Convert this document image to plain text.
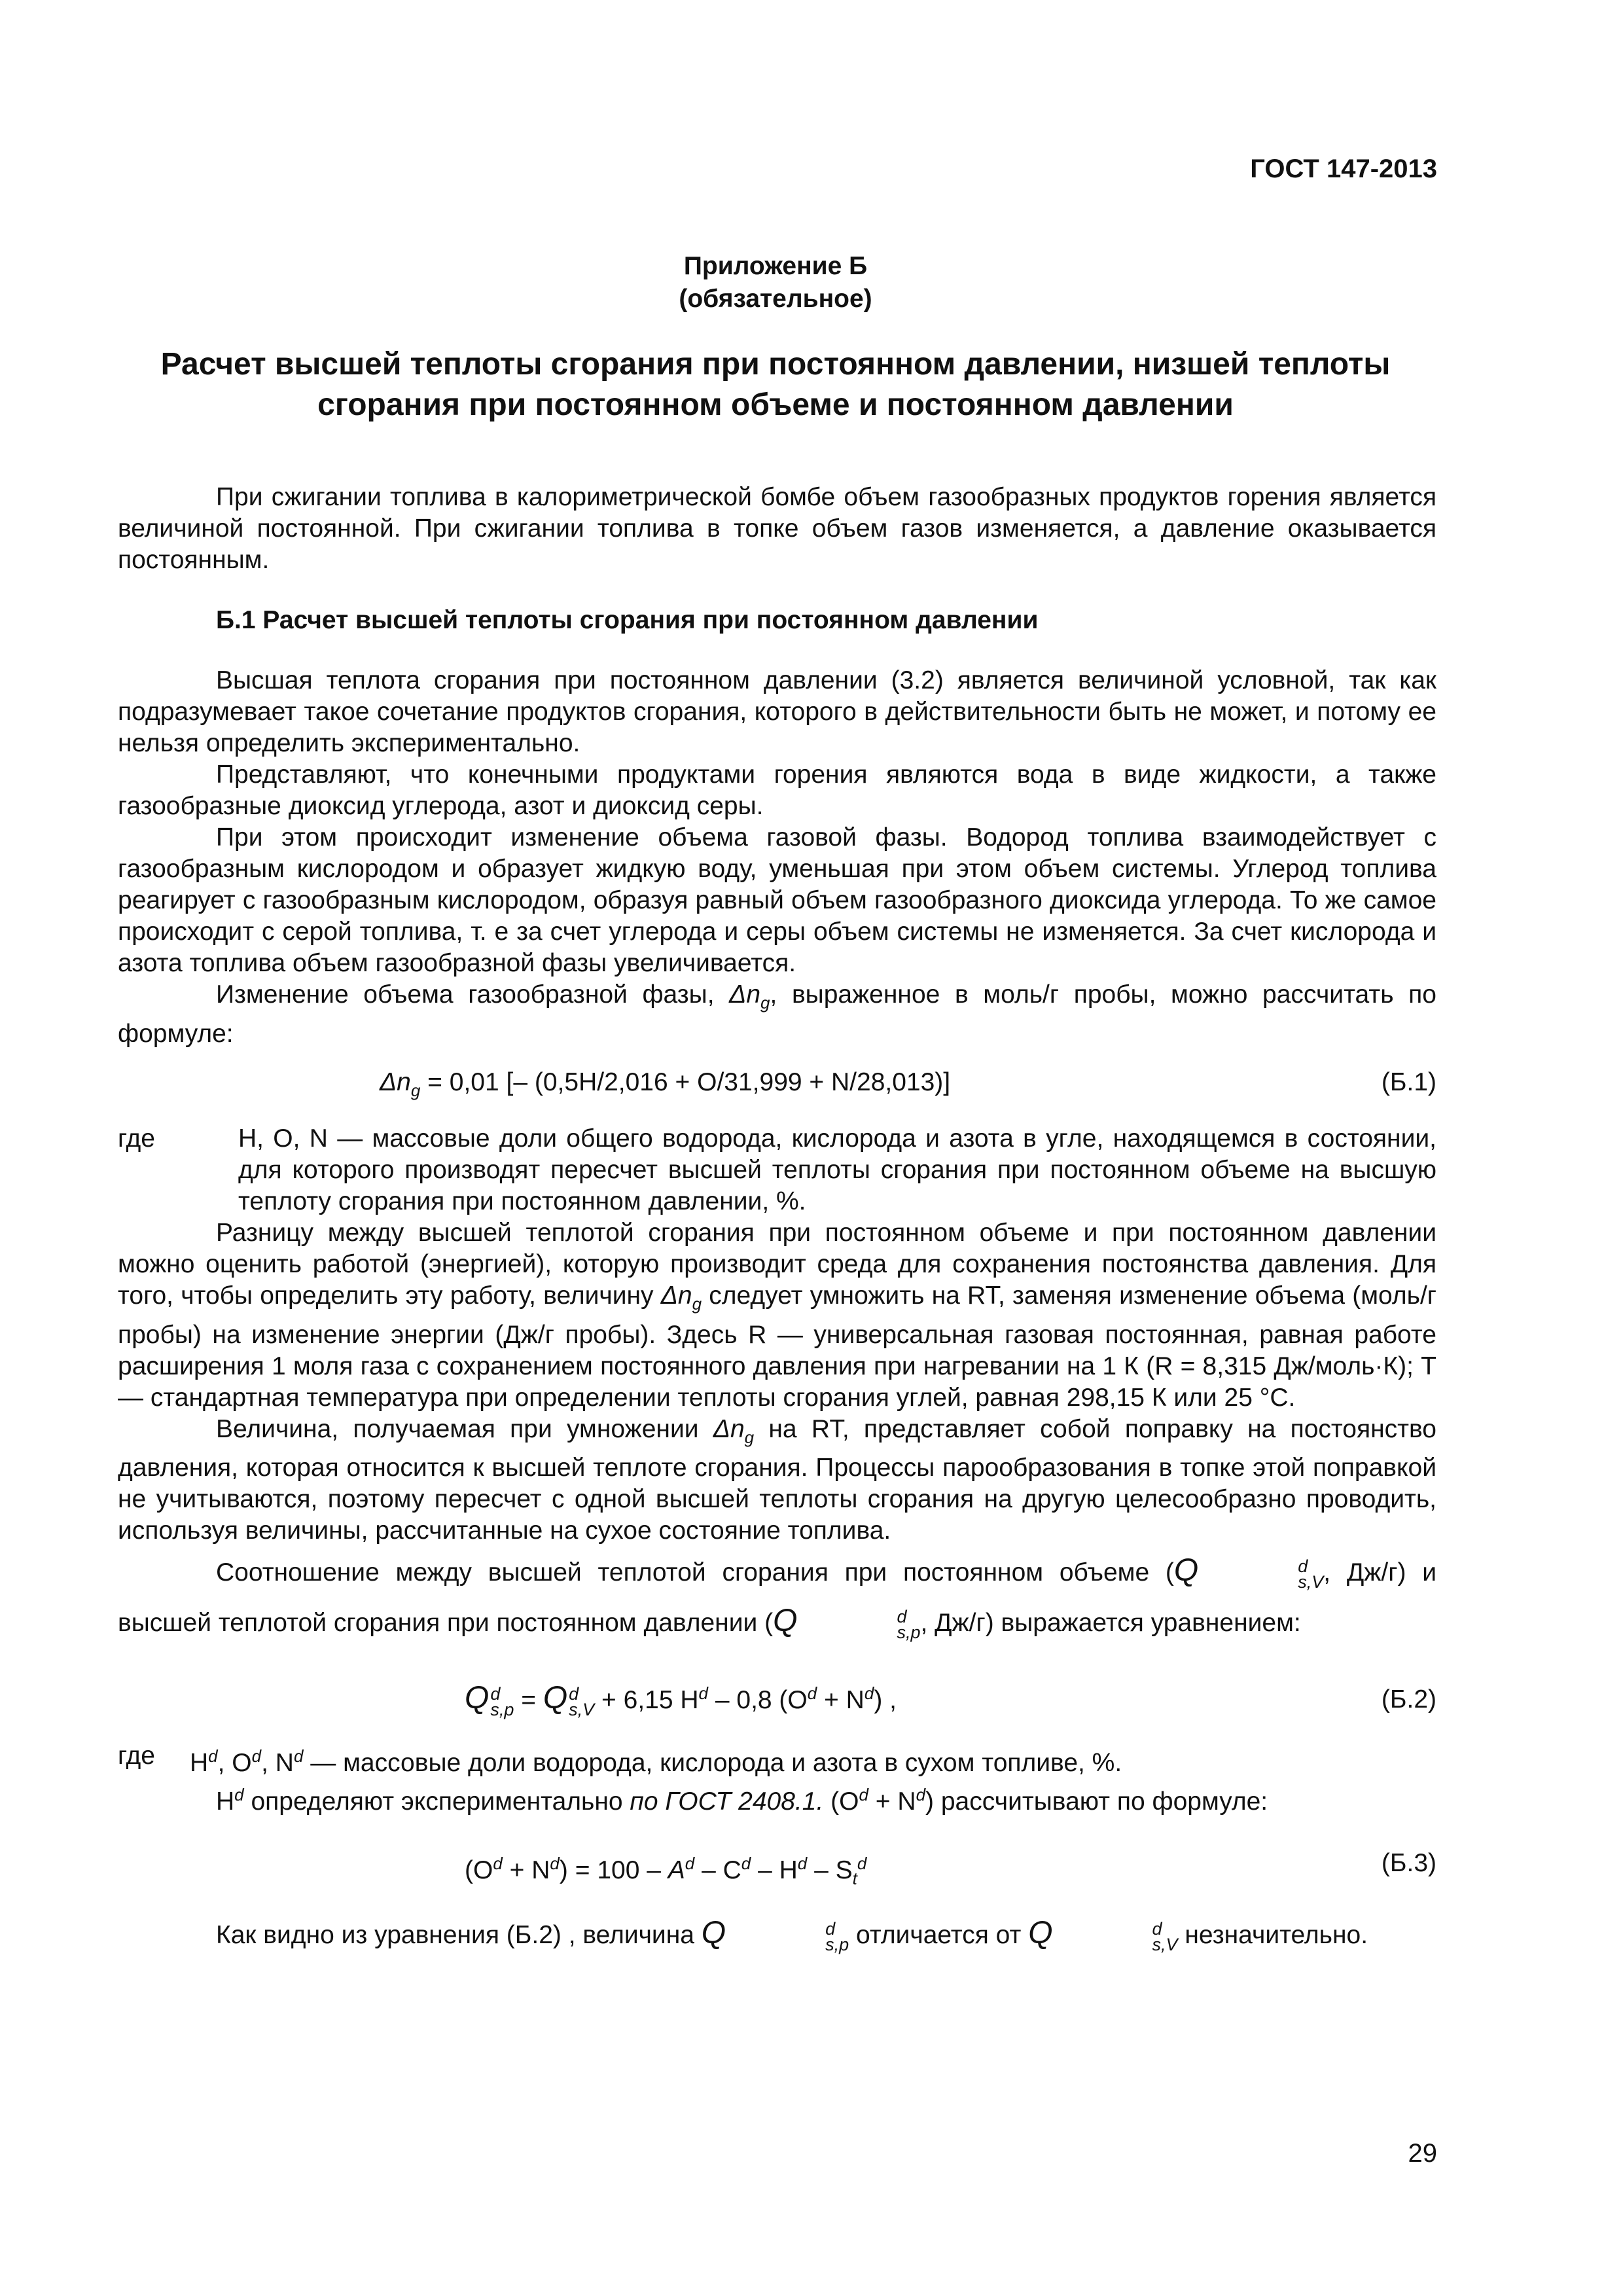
ГОСТ 147-2013
Приложение Б
(обязательное)
Расчет высшей теплоты сгорания при постоянном давлении, низшей теплоты
сгорания при постоянном объеме и постоянном давлении

При сжигании топлива в калориметрической бомбе объем газообразных продуктов горения является величиной постоянной. При сжигании топлива в топке объем газов изменяется, а давление оказывается постоянным.

Б.1 Расчет высшей теплоты сгорания при постоянном давлении

Высшая теплота сгорания при постоянном давлении (3.2) является величиной условной, так как подразумевает такое сочетание продуктов сгорания, которого в действительности быть не может, и потому ее нельзя определить экспериментально.

Представляют, что конечными продуктами горения являются вода в виде жидкости, а также газообразные диоксид углерода, азот и диоксид серы.

При этом происходит изменение объема газовой фазы. Водород топлива взаимодействует с газообразным кислородом и образует жидкую воду, уменьшая при этом объем системы. Углерод топлива реагирует с газообразным кислородом, образуя равный объем газообразного диоксида углерода. То же самое происходит с серой топлива, т. е за счет углерода и серы объем системы не изменяется. За счет кислорода и азота топлива объем газообразной фазы увеличивается.

Изменение объема газообразной фазы, $\Delta n_g$, выраженное в моль/г пробы, можно рассчитать по формуле:

$\Delta n_g = 0,01$ [– (0,5H/2,016 + O/31,999 + N/28,013)]	(Б.1)
где	H, O, N — массовые доли общего водорода, кислорода и азота в угле, находящемся в состоянии, для которого производят пересчет высшей теплоты сгорания при постоянном объеме на высшую теплоту сгорания при постоянном давлении, %.

Разницу между высшей теплотой сгорания при постоянном объеме и при постоянном давлении можно оценить работой (энергией), которую производит среда для сохранения постоянства давления. Для того, чтобы определить эту работу, величину $\Delta n_g$ следует умножить на RT, заменяя изменение объема (моль/г пробы) на изменение энергии (Дж/г пробы). Здесь R — универсальная газовая постоянная, равная работе расширения 1 моля газа с сохранением постоянного давления при нагревании на 1 К (R = 8,315 Дж/моль·К); T — стандартная температура при определении теплоты сгорания углей, равная 298,15 К или 25 °C.

Величина, получаемая при умножении $\Delta n_g$ на RT, представляет собой поправку на постоянство давления, которая относится к высшей теплоте сгорания. Процессы парообразования в топке этой поправкой не учитываются, поэтому пересчет с одной высшей теплоты сгорания на другую целесообразно проводить, используя величины, рассчитанные на сухое состояние топлива.

Соотношение между высшей теплотой сгорания при постоянном объеме (Q	d
s,V , Дж/г) и высшей теплотой сгорания при постоянном давлении (Q	d
s,p , Дж/г) выражается уравнением:

Q d
s,p = Q d
s,V + 6,15 $H^d - 0,8$ $(O^d + N^d)$ ,	(Б.2)
где	$H^d$, $O^d$, $N^d$ — массовые доли водорода, кислорода и азота в сухом топливе, %.

$H^d$ определяют экспериментально по ГОСТ 2408.1. $(O^d + N^d)$ рассчитывают по формуле:

$(O^d + N^d) = 100 - A^d - C^d - H^d - S_t^d$	(Б.3)

Как видно из уравнения (Б.2) , величина Q	d
s,p отличается от Q	d
s,V незначительно.

29
